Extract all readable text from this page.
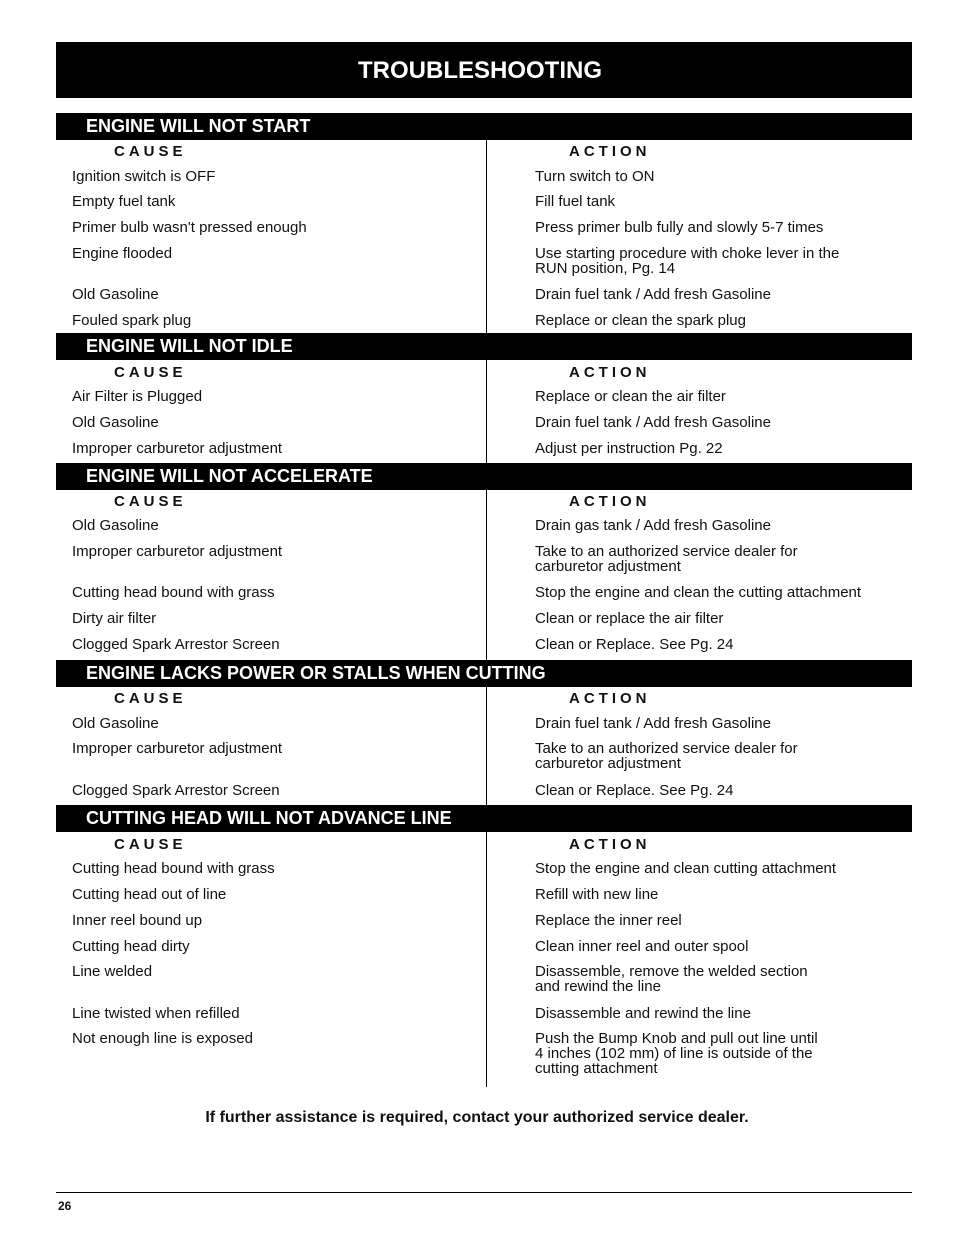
TROUBLESHOOTING
ENGINE WILL NOT START
CAUSE	ACTION
Ignition switch is OFF	Turn switch to ON
Empty fuel tank	Fill fuel tank
Primer bulb wasn't pressed enough	Press primer bulb fully and slowly 5-7 times
Engine flooded	Use starting procedure with choke lever in the
RUN position, Pg. 14
Old Gasoline	Drain fuel tank / Add fresh Gasoline
Fouled spark plug	Replace or clean the spark plug
ENGINE WILL NOT IDLE
CAUSE	ACTION
Air Filter is Plugged	Replace or clean the air filter
Old Gasoline	Drain fuel tank / Add fresh Gasoline
Improper carburetor adjustment	Adjust per instruction Pg. 22
ENGINE WILL NOT ACCELERATE
CAUSE	ACTION
Old Gasoline	Drain gas tank / Add fresh Gasoline
Improper carburetor adjustment	Take to an authorized service dealer for
carburetor adjustment
Cutting head bound with grass	Stop the engine and clean the cutting attachment
Dirty air filter	Clean or replace the air filter
Clogged Spark Arrestor Screen	Clean or Replace. See Pg. 24
ENGINE LACKS POWER OR STALLS WHEN CUTTING
CAUSE	ACTION
Old Gasoline	Drain fuel tank / Add fresh Gasoline
Improper carburetor adjustment	Take to an authorized service dealer for
carburetor adjustment
Clogged Spark Arrestor Screen	Clean or Replace. See Pg. 24
CUTTING HEAD WILL NOT ADVANCE LINE
CAUSE	ACTION
Cutting head bound with grass	Stop the engine and clean cutting attachment
Cutting head out of line	Refill with new line
Inner reel bound up	Replace the inner reel
Cutting head dirty	Clean inner reel and outer spool
Line welded	Disassemble, remove the welded section
and rewind the line
Line twisted when refilled	Disassemble and rewind the line
Not enough line is exposed	Push the Bump Knob and pull out line until
4 inches (102 mm) of line is outside of the
cutting attachment
If further assistance is required, contact your authorized service dealer.
26
